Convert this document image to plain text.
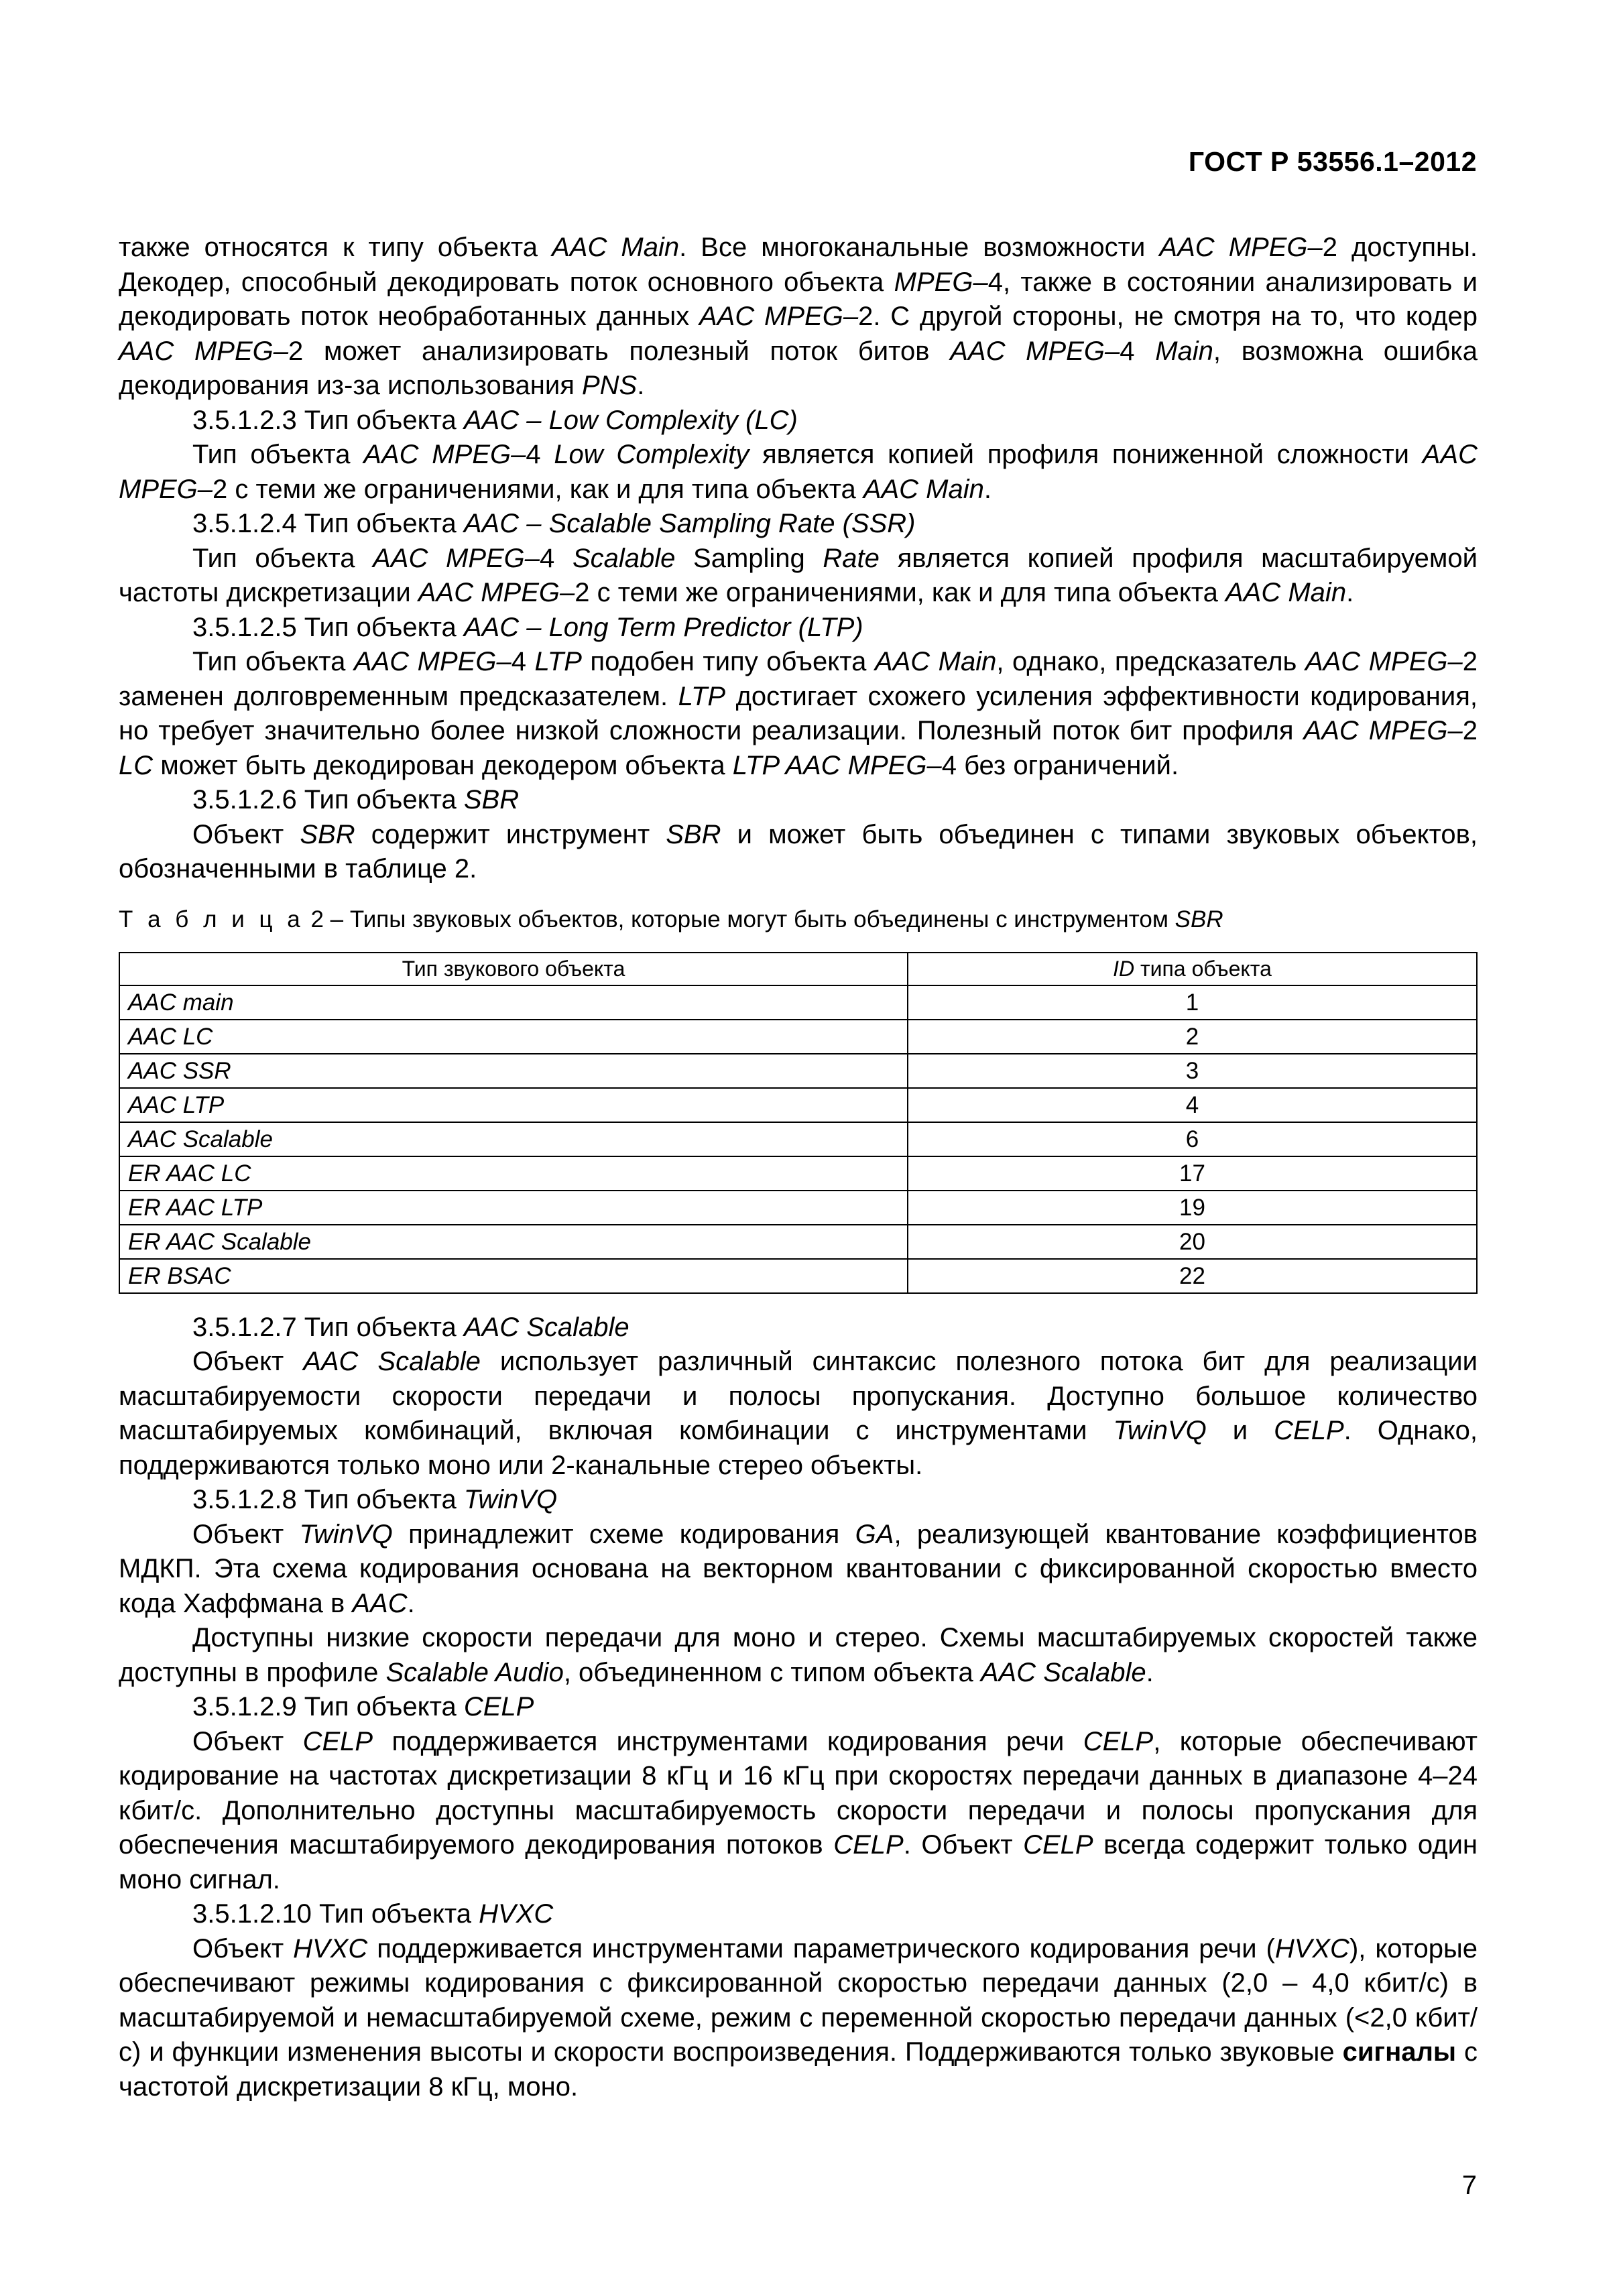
ГОСТ Р 53556.1–2012

также относятся к типу объекта AAC Main. Все многоканальные возможности AAC MPEG–2 доступны. Декодер, способный декодировать поток основного объекта MPEG–4, также в состоянии анализировать и декодировать поток необработанных данных AAC MPEG–2. С другой стороны, не смотря на то, что кодер AAC MPEG–2 может анализировать полезный поток битов AAC MPEG–4 Main, возможна ошибка декодирования из-за использования PNS.

3.5.1.2.3 Тип объекта AAC – Low Complexity (LC)

Тип объекта AAC MPEG–4 Low Complexity является копией профиля пониженной сложности AAC MPEG–2 с теми же ограничениями, как и для типа объекта AAC Main.

3.5.1.2.4 Тип объекта AAC – Scalable Sampling Rate (SSR)

Тип объекта AAC MPEG–4 Scalable Sampling Rate является копией профиля масштабируемой частоты дискретизации AAC MPEG–2 с теми же ограничениями, как и для типа объекта AAC Main.

3.5.1.2.5 Тип объекта AAC – Long Term Predictor (LTP)

Тип объекта AAC MPEG–4 LTP подобен типу объекта AAC Main, однако, предсказатель AAC MPEG–2 заменен долговременным предсказателем. LTP достигает схожего усиления эффективности кодирования, но требует значительно более низкой сложности реализации. Полезный поток бит профиля AAC MPEG–2 LC может быть декодирован декодером объекта LTP AAC MPEG–4 без ограничений.

3.5.1.2.6 Тип объекта SBR

Объект SBR содержит инструмент SBR и может быть объединен с типами звуковых объектов, обозначенными в таблице 2.

Т а б л и ц а 2 – Типы звуковых объектов, которые могут быть объединены с инструментом SBR

Тип звукового объекта	ID типа объекта
AAC main	1
AAC LC	2
AAC SSR	3
AAC LTP	4
AAC Scalable	6
ER AAC LC	17
ER AAC LTP	19
ER AAC Scalable	20
ER BSAC	22

3.5.1.2.7 Тип объекта AAC Scalable

Объект AAC Scalable использует различный синтаксис полезного потока бит для реализации масштабируемости скорости передачи и полосы пропускания. Доступно большое количество масштабируемых комбинаций, включая комбинации с инструментами TwinVQ и CELP. Однако, поддерживаются только моно или 2-канальные стерео объекты.

3.5.1.2.8 Тип объекта TwinVQ

Объект TwinVQ принадлежит схеме кодирования GA, реализующей квантование коэффициентов МДКП. Эта схема кодирования основана на векторном квантовании с фиксированной скоростью вместо кода Хаффмана в AAC.

Доступны низкие скорости передачи для моно и стерео. Схемы масштабируемых скоростей также доступны в профиле Scalable Audio, объединенном с типом объекта AAC Scalable.

3.5.1.2.9 Тип объекта CELP

Объект CELP поддерживается инструментами кодирования речи CELP, которые обеспечивают кодирование на частотах дискретизации 8 кГц и 16 кГц при скоростях передачи данных в диапазоне 4–24 кбит/с. Дополнительно доступны масштабируемость скорости передачи и полосы пропускания для обеспечения масштабируемого декодирования потоков CELP. Объект CELP всегда содержит только один моно сигнал.

3.5.1.2.10 Тип объекта HVXC

Объект HVXC поддерживается инструментами параметрического кодирования речи (HVXC), которые обеспечивают режимы кодирования с фиксированной скоростью передачи данных (2,0 – 4,0 кбит/с) в масштабируемой и немасштабируемой схеме, режим с переменной скоростью передачи данных (<2,0 кбит/с) и функции изменения высоты и скорости воспроизведения. Поддерживаются только звуковые сигналы с частотой дискретизации 8 кГц, моно.

7
